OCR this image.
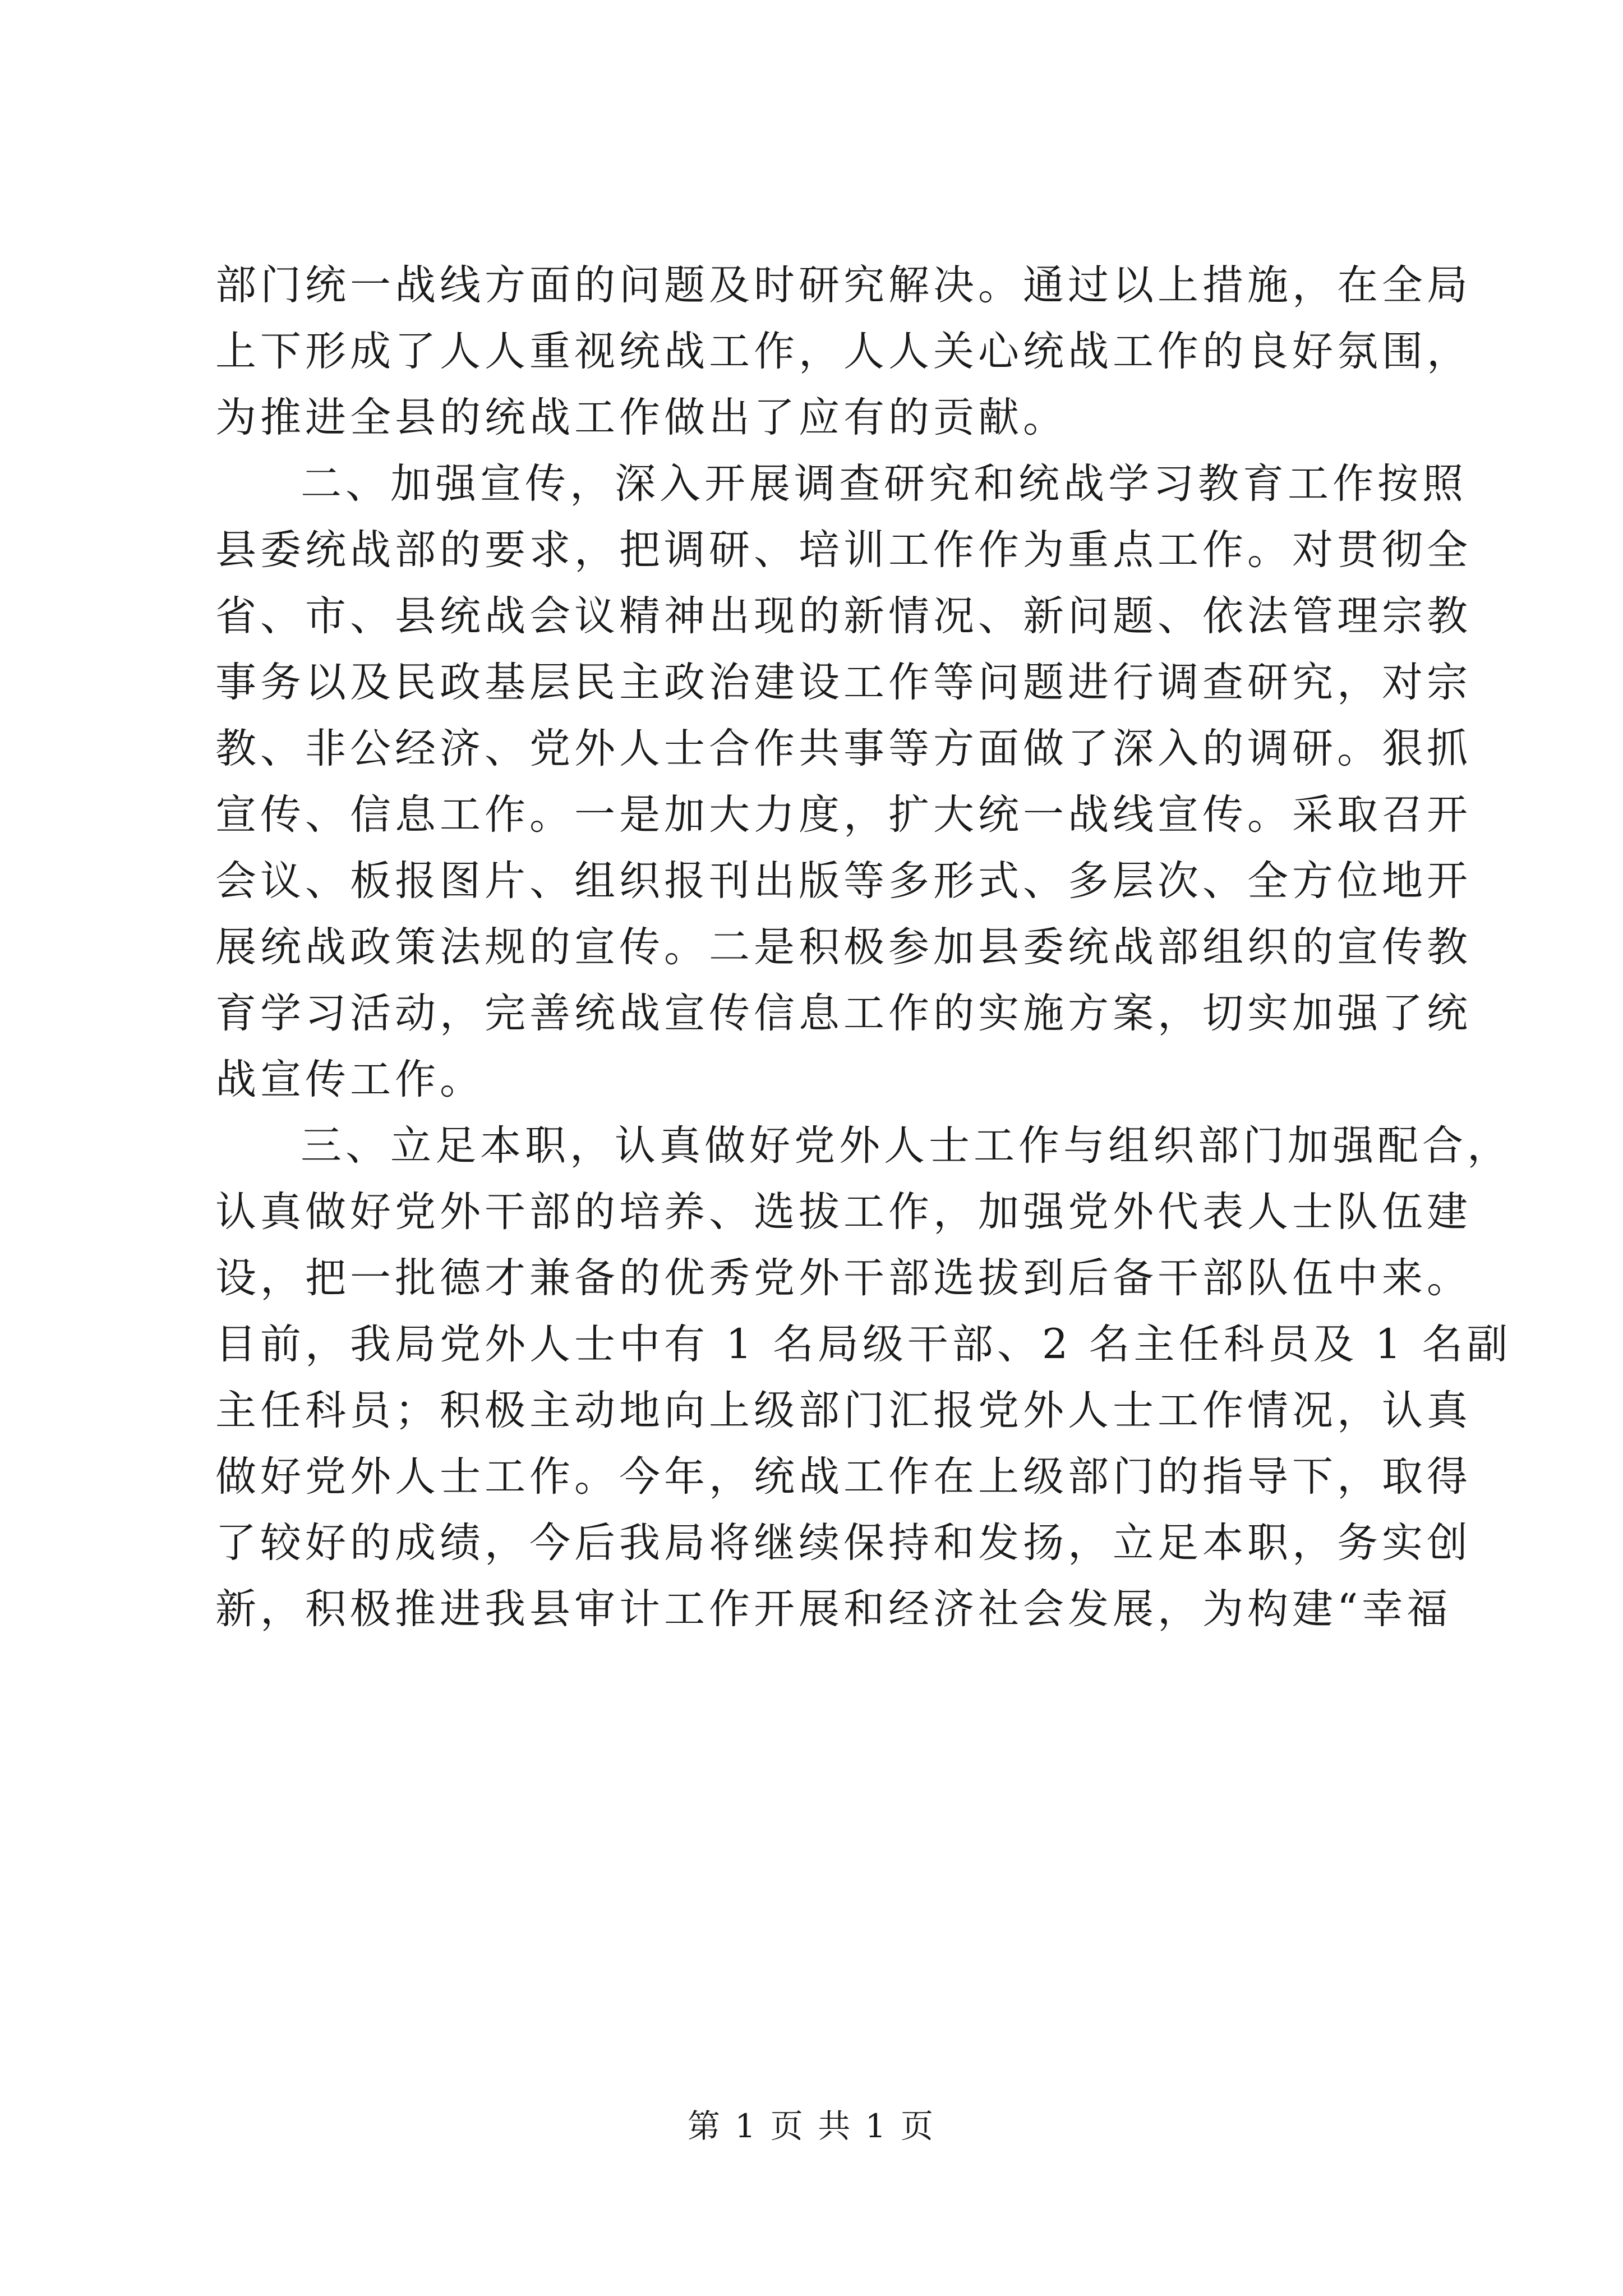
部门统一战线方面的问题及时研究解决。通过以上措施，在全局
上下形成了人人重视统战工作，人人关心统战工作的良好氛围，
为推进全县的统战工作做出了应有的贡献。
二、加强宣传，深入开展调查研究和统战学习教育工作按照
县委统战部的要求，把调研、培训工作作为重点工作。对贯彻全
省、市、县统战会议精神出现的新情况、新问题、依法管理宗教
事务以及民政基层民主政治建设工作等问题进行调查研究，对宗
教、非公经济、党外人士合作共事等方面做了深入的调研。狠抓
宣传、信息工作。一是加大力度，扩大统一战线宣传。采取召开
会议、板报图片、组织报刊出版等多形式、多层次、全方位地开
展统战政策法规的宣传。二是积极参加县委统战部组织的宣传教
育学习活动，完善统战宣传信息工作的实施方案，切实加强了统
战宣传工作。
三、立足本职，认真做好党外人士工作与组织部门加强配合，
认真做好党外干部的培养、选拔工作，加强党外代表人士队伍建
设，把一批德才兼备的优秀党外干部选拔到后备干部队伍中来。
目前，我局党外人士中有 1 名局级干部、2 名主任科员及 1 名副
主任科员；积极主动地向上级部门汇报党外人士工作情况，认真
做好党外人士工作。今年，统战工作在上级部门的指导下，取得
了较好的成绩，今后我局将继续保持和发扬，立足本职，务实创
新，积极推进我县审计工作开展和经济社会发展，为构建“幸福
第 1 页 共 1 页
